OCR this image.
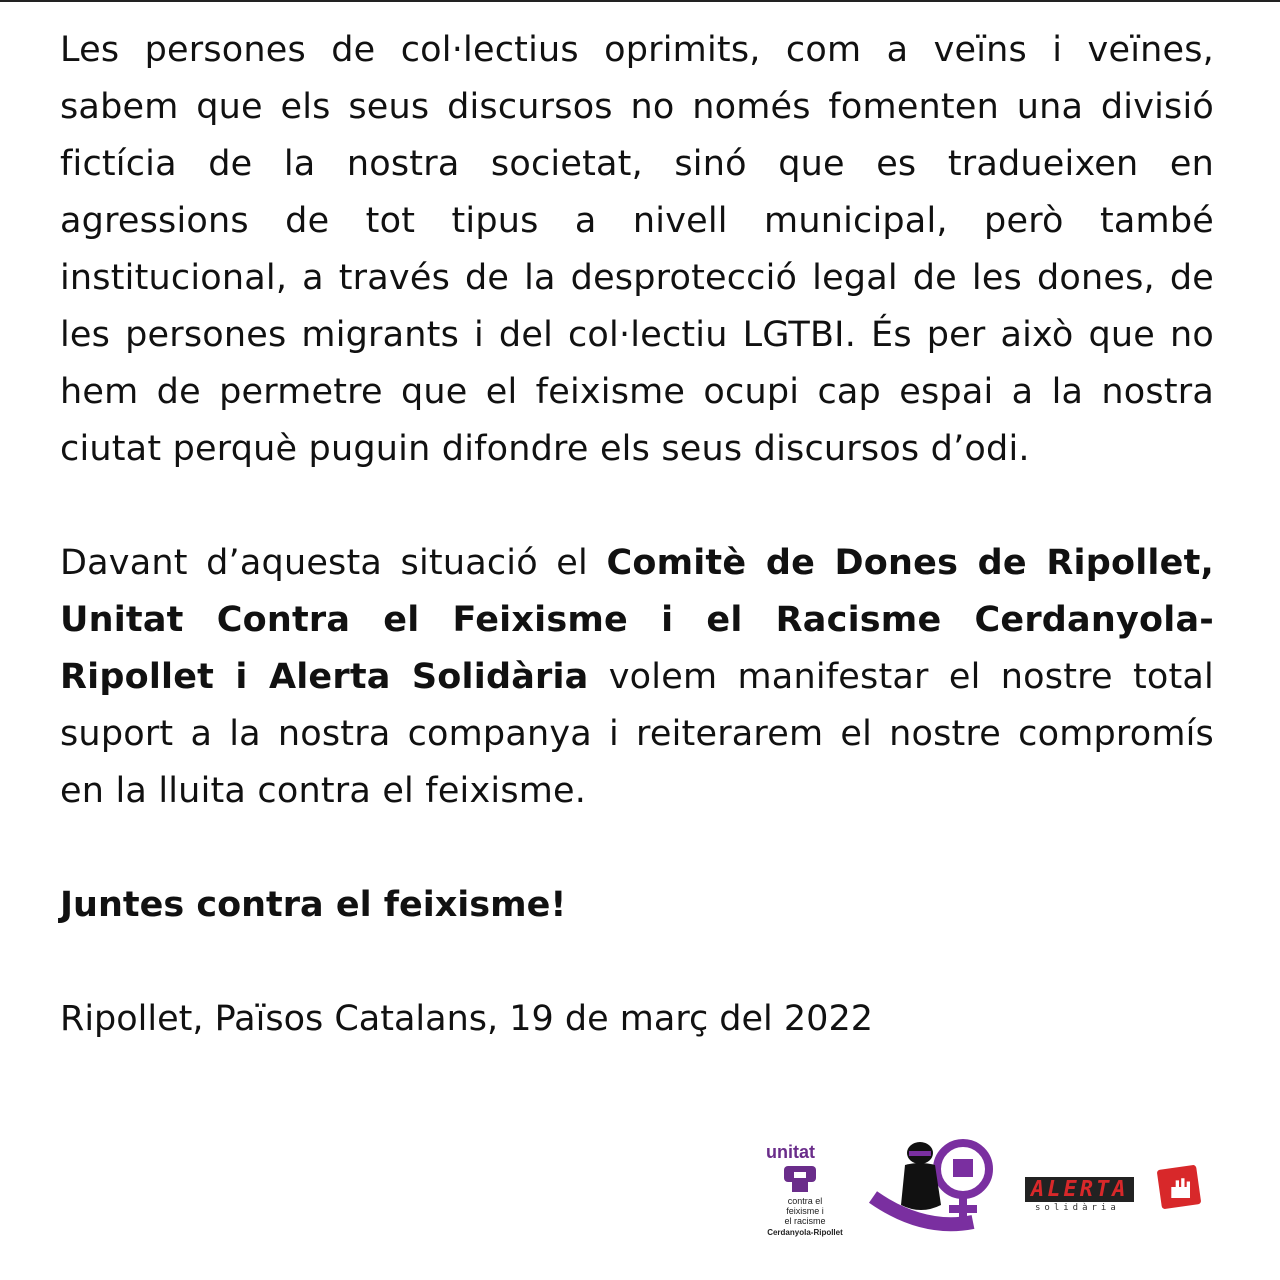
Les persones de col·lectius oprimits, com a veïns i veïnes, sabem que els seus discursos no només fomenten una divisió fictícia de la nostra societat, sinó que es tradueixen en agressions de tot tipus a nivell municipal, però també institucional, a través de la desprotecció legal de les dones, de les persones migrants i del col·lectiu LGTBI. És per això que no hem de permetre que el feixisme ocupi cap espai a la nostra ciutat perquè puguin difondre els seus discursos d’odi.

Davant d’aquesta situació el Comitè de Dones de Ripollet, Unitat Contra el Feixisme i el Racisme Cerdanyola-Ripollet i Alerta Solidària volem manifestar el nostre total suport a la nostra companya i reiterarem el nostre compromís en la lluita contra el feixisme.

Juntes contra el feixisme!

Ripollet, Països Catalans, 19 de març del 2022

unitat
contra el
feixisme i
el racisme
Cerdanyola-Ripollet
ALERTA
solidària
